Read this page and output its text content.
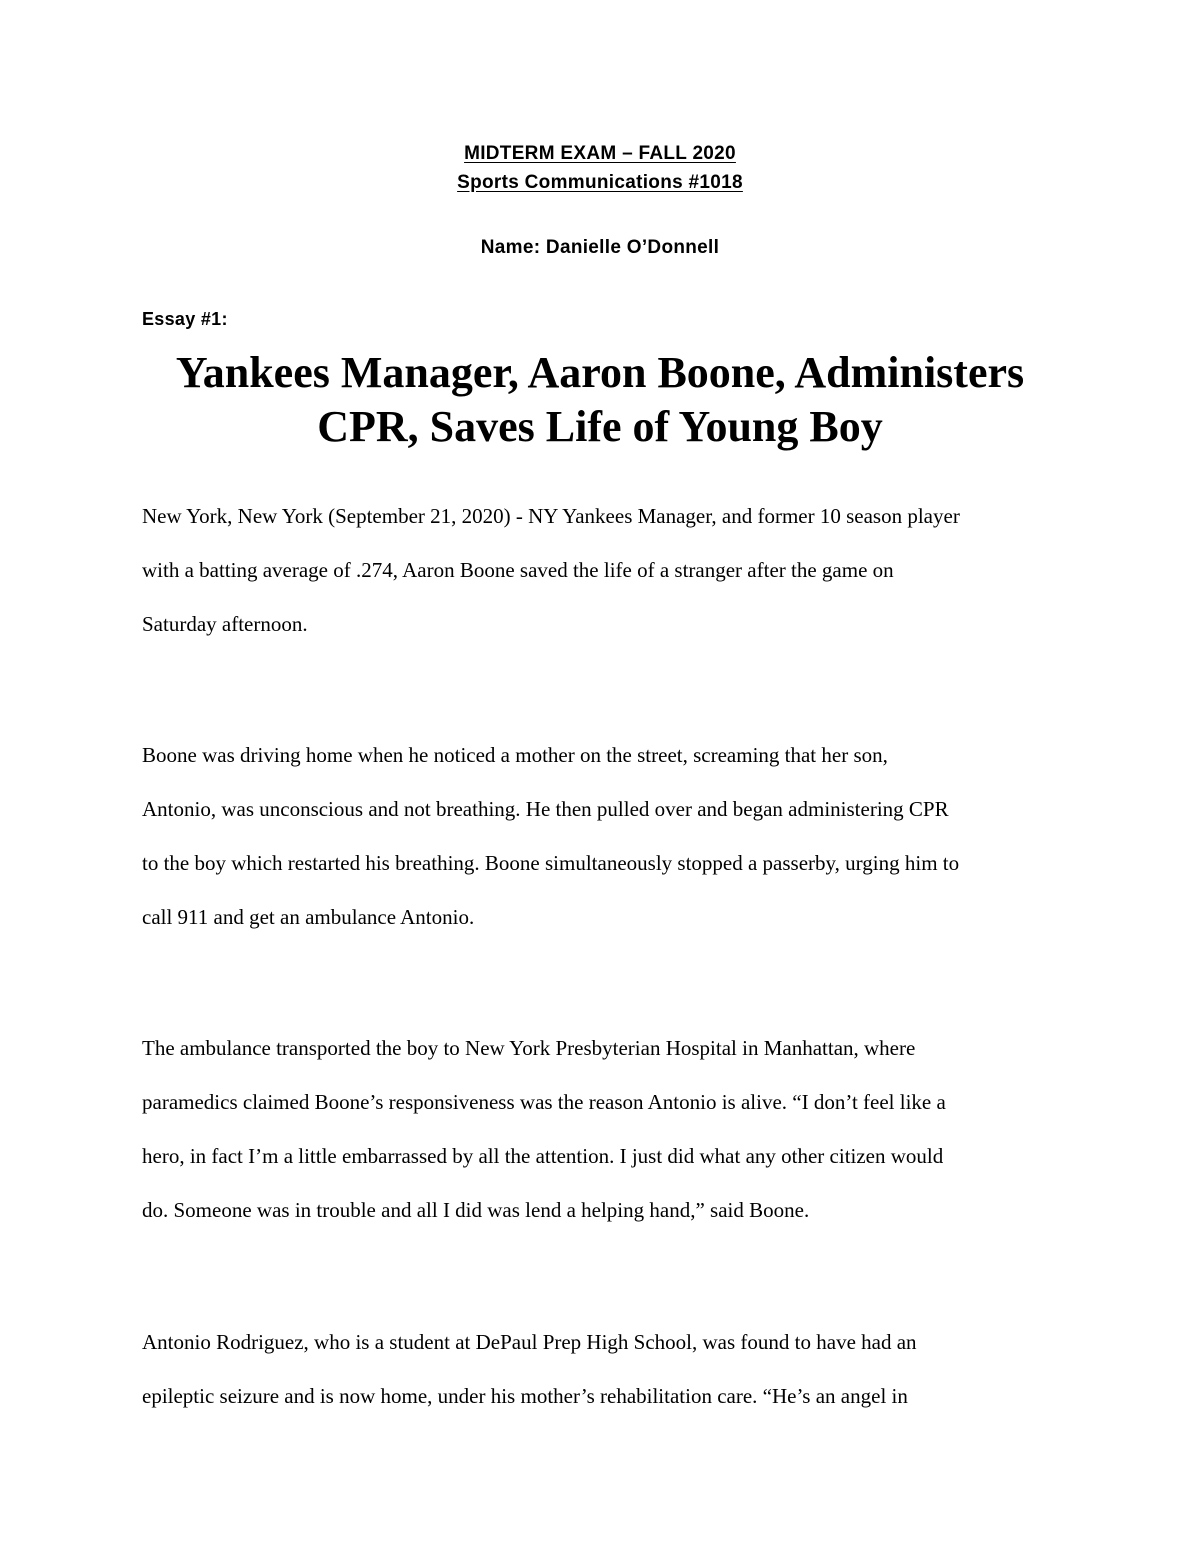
MIDTERM EXAM – FALL 2020
Sports Communications #1018
Name: Danielle O’Donnell
Essay #1:
Yankees Manager, Aaron Boone, Administers
CPR, Saves Life of Young Boy

New York, New York (September 21, 2020) - NY Yankees Manager, and former 10 season player
with a batting average of .274, Aaron Boone saved the life of a stranger after the game on
Saturday afternoon.

Boone was driving home when he noticed a mother on the street, screaming that her son,
Antonio, was unconscious and not breathing. He then pulled over and began administering CPR
to the boy which restarted his breathing. Boone simultaneously stopped a passerby, urging him to
call 911 and get an ambulance Antonio.

The ambulance transported the boy to New York Presbyterian Hospital in Manhattan, where
paramedics claimed Boone’s responsiveness was the reason Antonio is alive. “I don’t feel like a
hero, in fact I’m a little embarrassed by all the attention. I just did what any other citizen would
do. Someone was in trouble and all I did was lend a helping hand,” said Boone.

Antonio Rodriguez, who is a student at DePaul Prep High School, was found to have had an
epileptic seizure and is now home, under his mother’s rehabilitation care. “He’s an angel in
